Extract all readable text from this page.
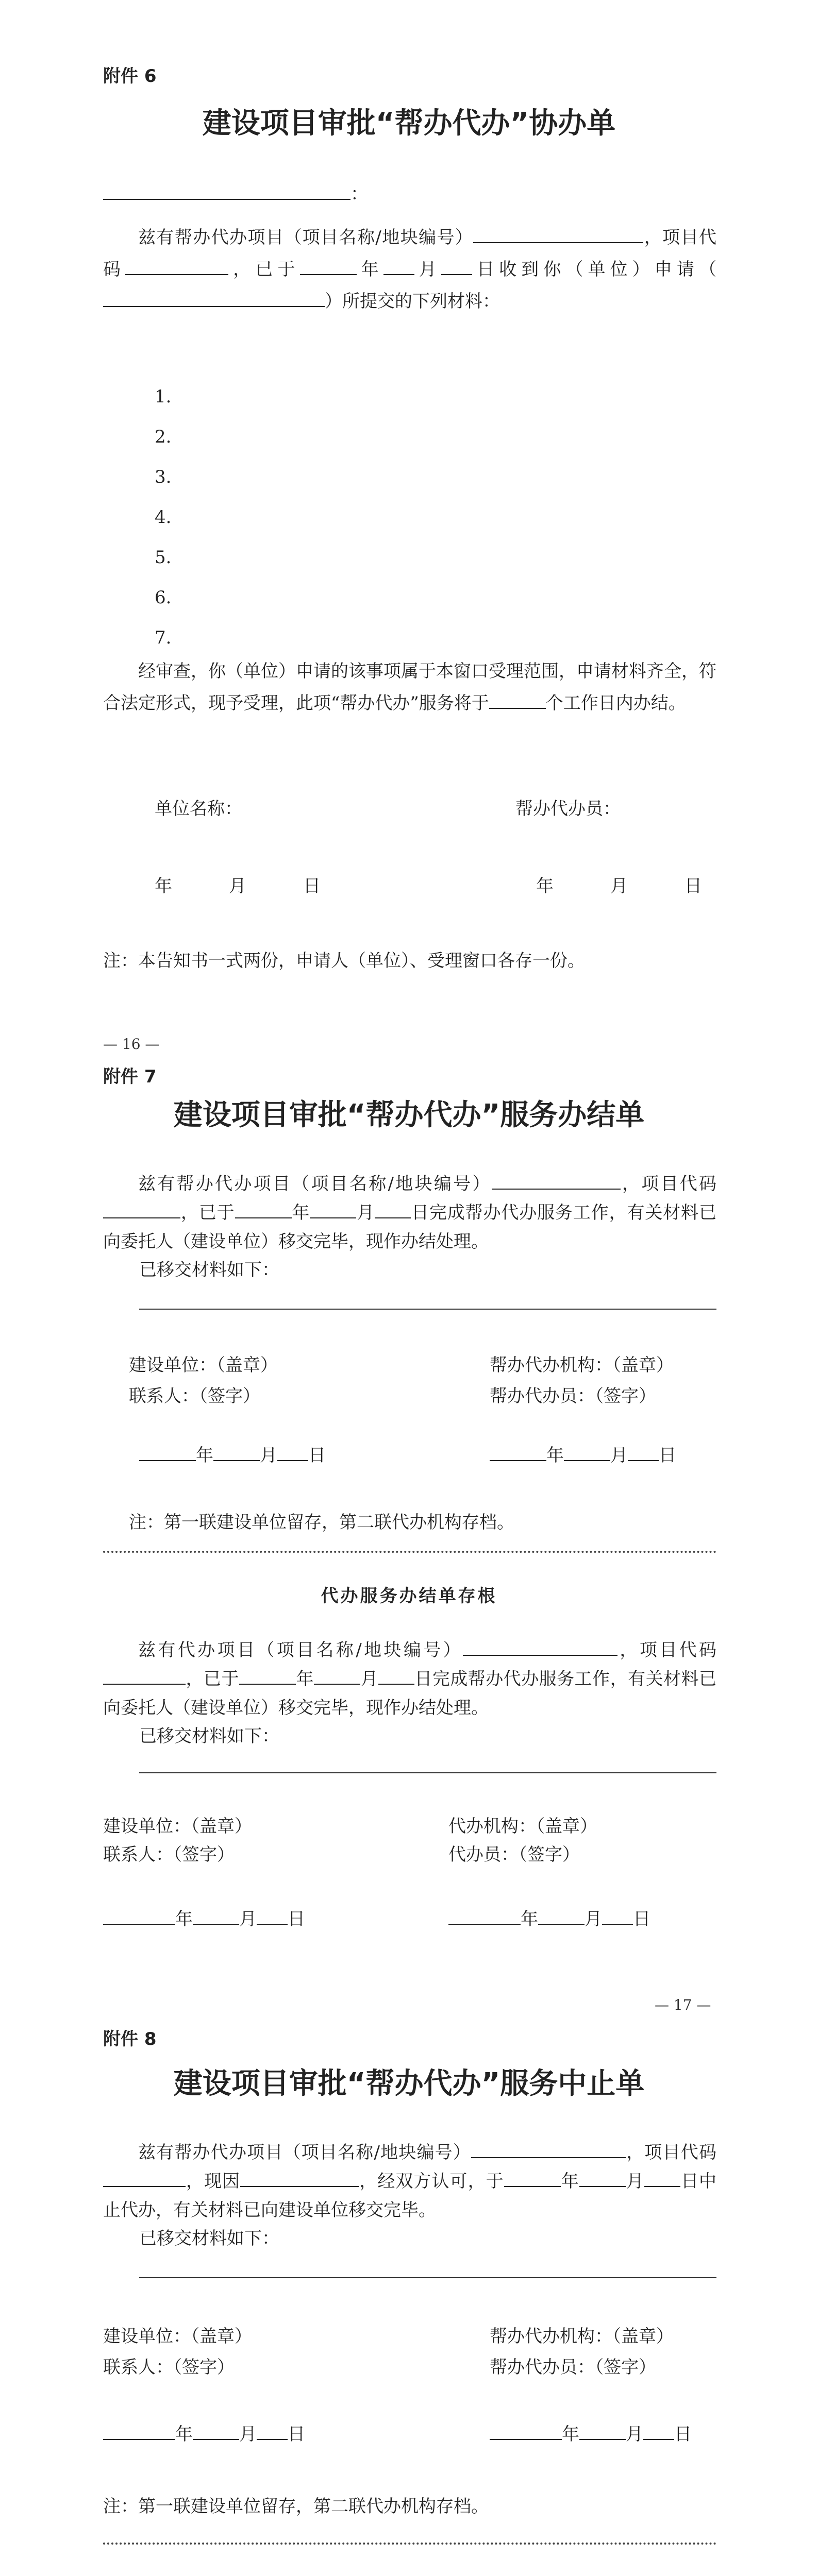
附件 6
建设项目审批“帮办代办”协办单
：

兹有帮办代办项目（项目名称/地块编号）	，项目代码	，已于	年 月 日收到你（单位）申请（）所提交的下列材料：

1.
2.
3.
4.
5.
6.
7.

经审查，你（单位）申请的该事项属于本窗口受理范围，申请材料齐全，符合法定形式，现予受理，此项“帮办代办”服务将于	个工作日内办结。

单位名称：	帮办代办员：
年	月	日	年	月	日
注：本告知书一式两份，申请人（单位）、受理窗口各存一份。
— 16 —
附件 7
建设项目审批“帮办代办”服务办结单

兹有帮办代办项目（项目名称/地块编号）	，项目代码，已于	年	月 日完成帮办代办服务工作，有关材料已向委托人（建设单位）移交完毕，现作办结处理。

已移交材料如下：
建设单位：（盖章）	帮办代办机构：（盖章）
联系人：（签字）	帮办代办员：（签字）
年	月 日	年	月 日
注：第一联建设单位留存，第二联代办机构存档。
代办服务办结单存根

兹有代办项目（项目名称/地块编号）	，项目代码，已于	年	月 日完成帮办代办服务工作，有关材料已向委托人（建设单位）移交完毕，现作办结处理。

已移交材料如下：
建设单位：（盖章）	代办机构：（盖章）
联系人：（签字）	代办员：（签字）
年	月 日	年	月 日
— 17 —
附件 8
建设项目审批“帮办代办”服务中止单

兹有帮办代办项目（项目名称/地块编号）	，项目代码，现因	，经双方认可，于	年	月 日中止代办，有关材料已向建设单位移交完毕。

已移交材料如下：
建设单位：（盖章）	帮办代办机构：（盖章）
联系人：（签字）	帮办代办员：（签字）
年	月 日	年	月 日
注：第一联建设单位留存，第二联代办机构存档。
